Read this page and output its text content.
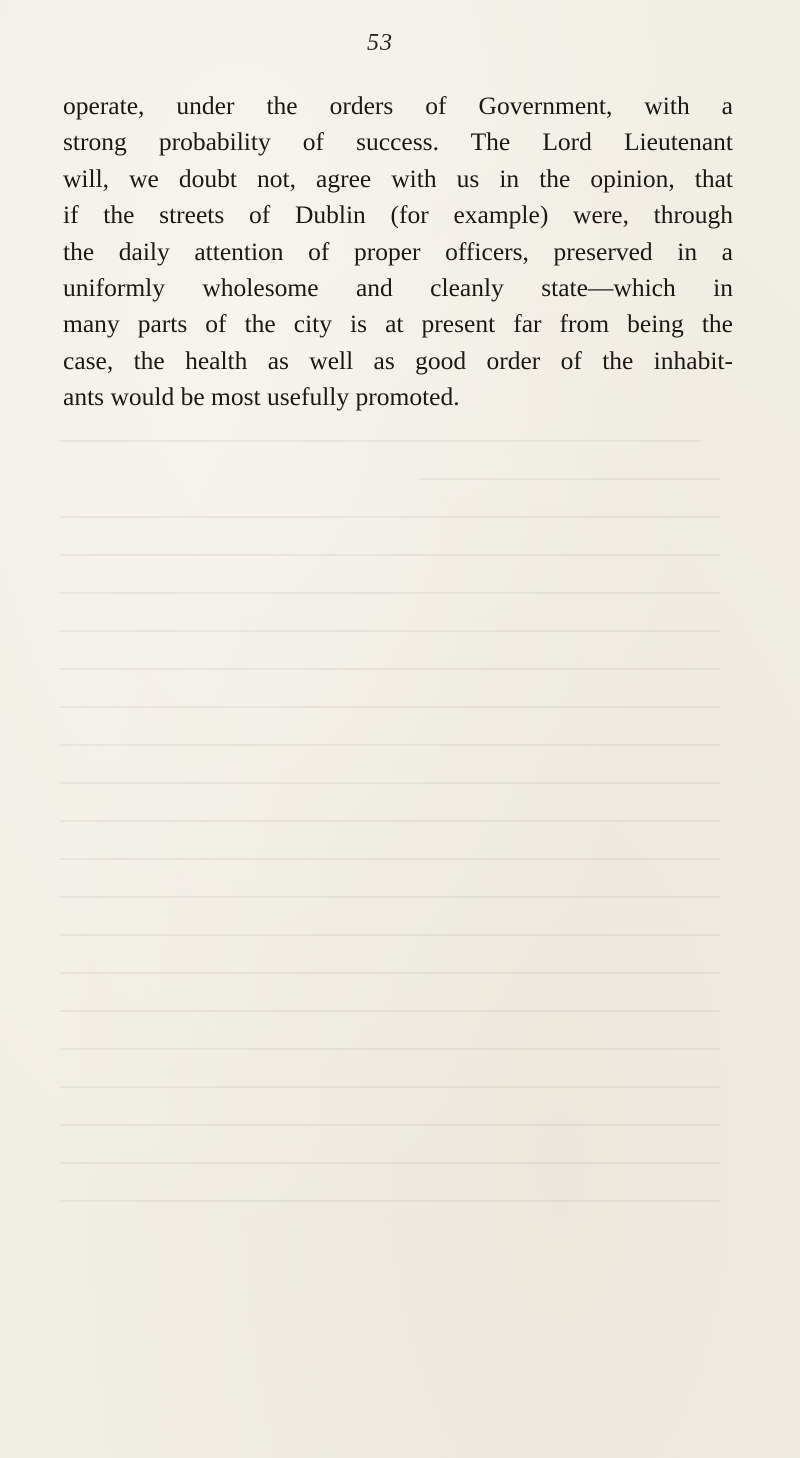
53
operate, under the orders of Government, with a
strong probability of success. The Lord Lieutenant
will, we doubt not, agree with us in the opinion, that
if the streets of Dublin (for example) were, through
the daily attention of proper officers, preserved in a
uniformly wholesome and cleanly state—which in
many parts of the city is at present far from being the
case, the health as well as good order of the inhabit-
ants would be most usefully promoted.
